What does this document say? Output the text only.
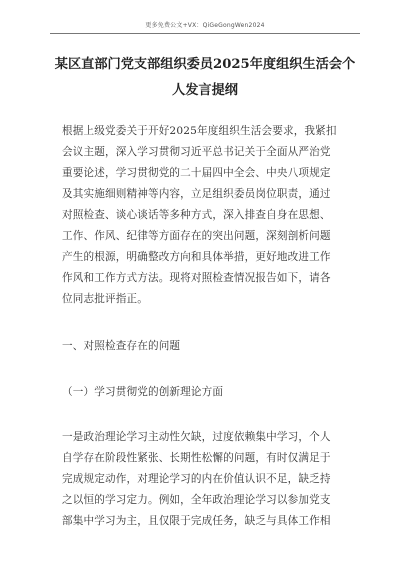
更多免费公文+VX：QiGeGongWen2024
某区直部门党支部组织委员2025年度组织生活会个
人发言提纲
根据上级党委关于开好2025年度组织生活会要求，我紧扣
会议主题，深入学习贯彻习近平总书记关于全面从严治党
重要论述，学习贯彻党的二十届四中全会、中央八项规定
及其实施细则精神等内容，立足组织委员岗位职责，通过
对照检查、谈心谈话等多种方式，深入排查自身在思想、
工作、作风、纪律等方面存在的突出问题，深刻剖析问题
产生的根源，明确整改方向和具体举措，更好地改进工作
作风和工作方式方法。现将对照检查情况报告如下，请各
位同志批评指正。
一、对照检查存在的问题
（一）学习贯彻党的创新理论方面
一是政治理论学习主动性欠缺，过度依赖集中学习，个人
自学存在阶段性紧张、长期性松懈的问题，有时仅满足于
完成规定动作，对理论学习的内在价值认识不足，缺乏持
之以恒的学习定力。例如，全年政治理论学习以参加党支
部集中学习为主，且仅限于完成任务，缺乏与具体工作相
